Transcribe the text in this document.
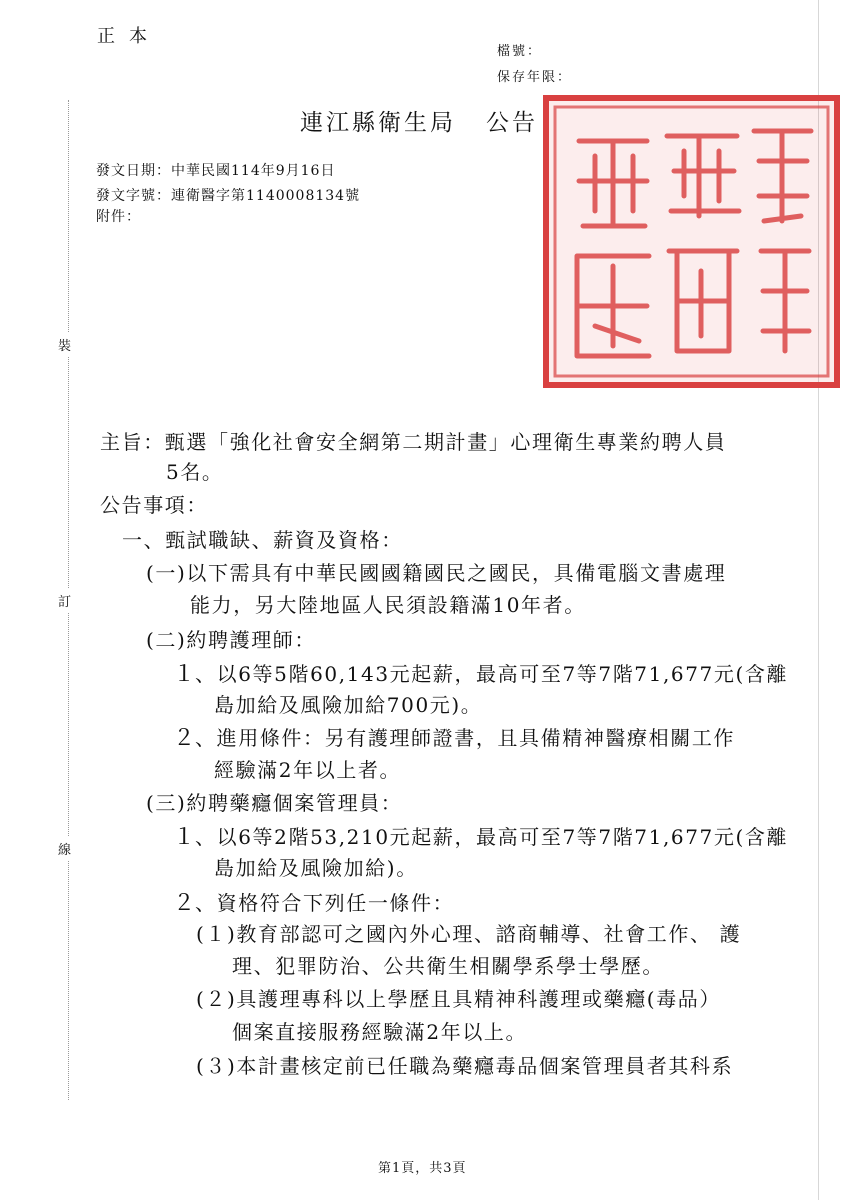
裝
訂
線
正本
檔號：
保存年限：
連江縣衛生局 公告
發文日期：中華民國114年9月16日
發文字號：連衛醫字第1140008134號
附件：
主旨：甄選「強化社會安全網第二期計畫」心理衛生專業約聘人員
5名。
公告事項：
一、甄試職缺、薪資及資格：
(一)以下需具有中華民國國籍國民之國民，具備電腦文書處理
能力，另大陸地區人民須設籍滿10年者。
(二)約聘護理師：
１、以6等5階60,143元起薪，最高可至7等7階71,677元(含離
島加給及風險加給700元)。
２、進用條件：另有護理師證書，且具備精神醫療相關工作
經驗滿2年以上者。
(三)約聘藥癮個案管理員：
１、以6等2階53,210元起薪，最高可至7等7階71,677元(含離
島加給及風險加給)。
２、資格符合下列任一條件：
(１)教育部認可之國內外心理、諮商輔導、社會工作、 護
理、犯罪防治、公共衛生相關學系學士學歷。
(２)具護理專科以上學歷且具精神科護理或藥癮(毒品）
個案直接服務經驗滿2年以上。
(３)本計畫核定前已任職為藥癮毒品個案管理員者其科系
第1頁，共3頁
